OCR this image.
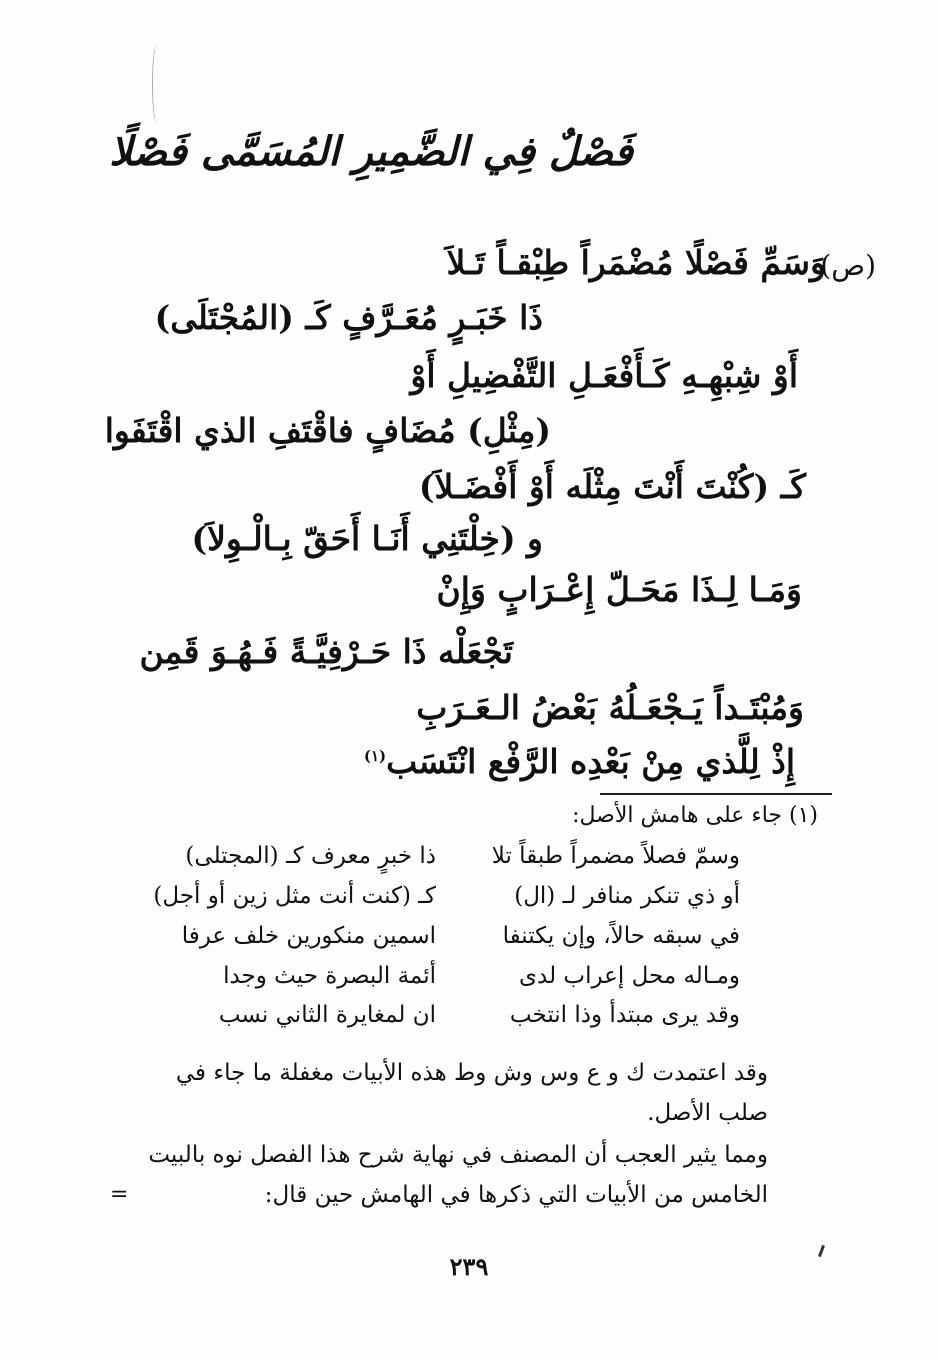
فَصْلٌ فِي الضَّمِيرِ المُسَمَّى فَصْلًا
(ص)
وَسَمِّ فَصْلًا مُضْمَراً طِبْقـاً تَـلاَ
ذَا خَبَـرٍ مُعَـرَّفٍ كَـ (المُجْتَلَى)
أَوْ شِبْهِـهِ كَـأَفْعَـلِ التَّفْضِيلِ أَوْ
(مِثْلِ) مُضَافٍ فاقْتَفِ الذي اقْتَفَوا
كَـ (كُنْتَ أَنْتَ مِثْلَه أَوْ أَفْضَـلاَ)
و (خِلْتَنِي أَنَـا أَحَقّ بِـالْـوِلاَ)
وَمَـا لِـذَا مَحَـلّ إِعْـرَابٍ وَإِنْ
تَجْعَلْه ذَا حَـرْفِيَّـةً فَـهُـوَ قَمِن
وَمُبْتَـداً يَـجْعَـلُهُ بَعْضُ الـعَـرَبِ
إِذْ لِلَّذي مِنْ بَعْدِه الرَّفْع انْتَسَب$^{(١)}$
(١) جاء على هامش الأصل:
وسمّ فصلاً مضمراً طبقاً تلا
ذا خبرٍ معرف كـ (المجتلى)
أو ذي تنكر منافر لـ (ال)
كـ (كنت أنت مثل زين أو أجل)
في سبقه حالاً، وإن يكتنفا
اسمين منكورين خلف عرفا
ومـاله محل إعراب لدى
أئمة البصرة حيث وجدا
وقد يرى مبتدأ وذا انتخب
ان لمغايرة الثاني نسب
وقد اعتمدت ك و ع وس وش وط هذه الأبيات مغفلة ما جاء في
صلب الأصل.
ومما يثير العجب أن المصنف في نهاية شرح هذا الفصل نوه بالبيت
الخامس من الأبيات التي ذكرها في الهامش حين قال:
=
٢٣٩
